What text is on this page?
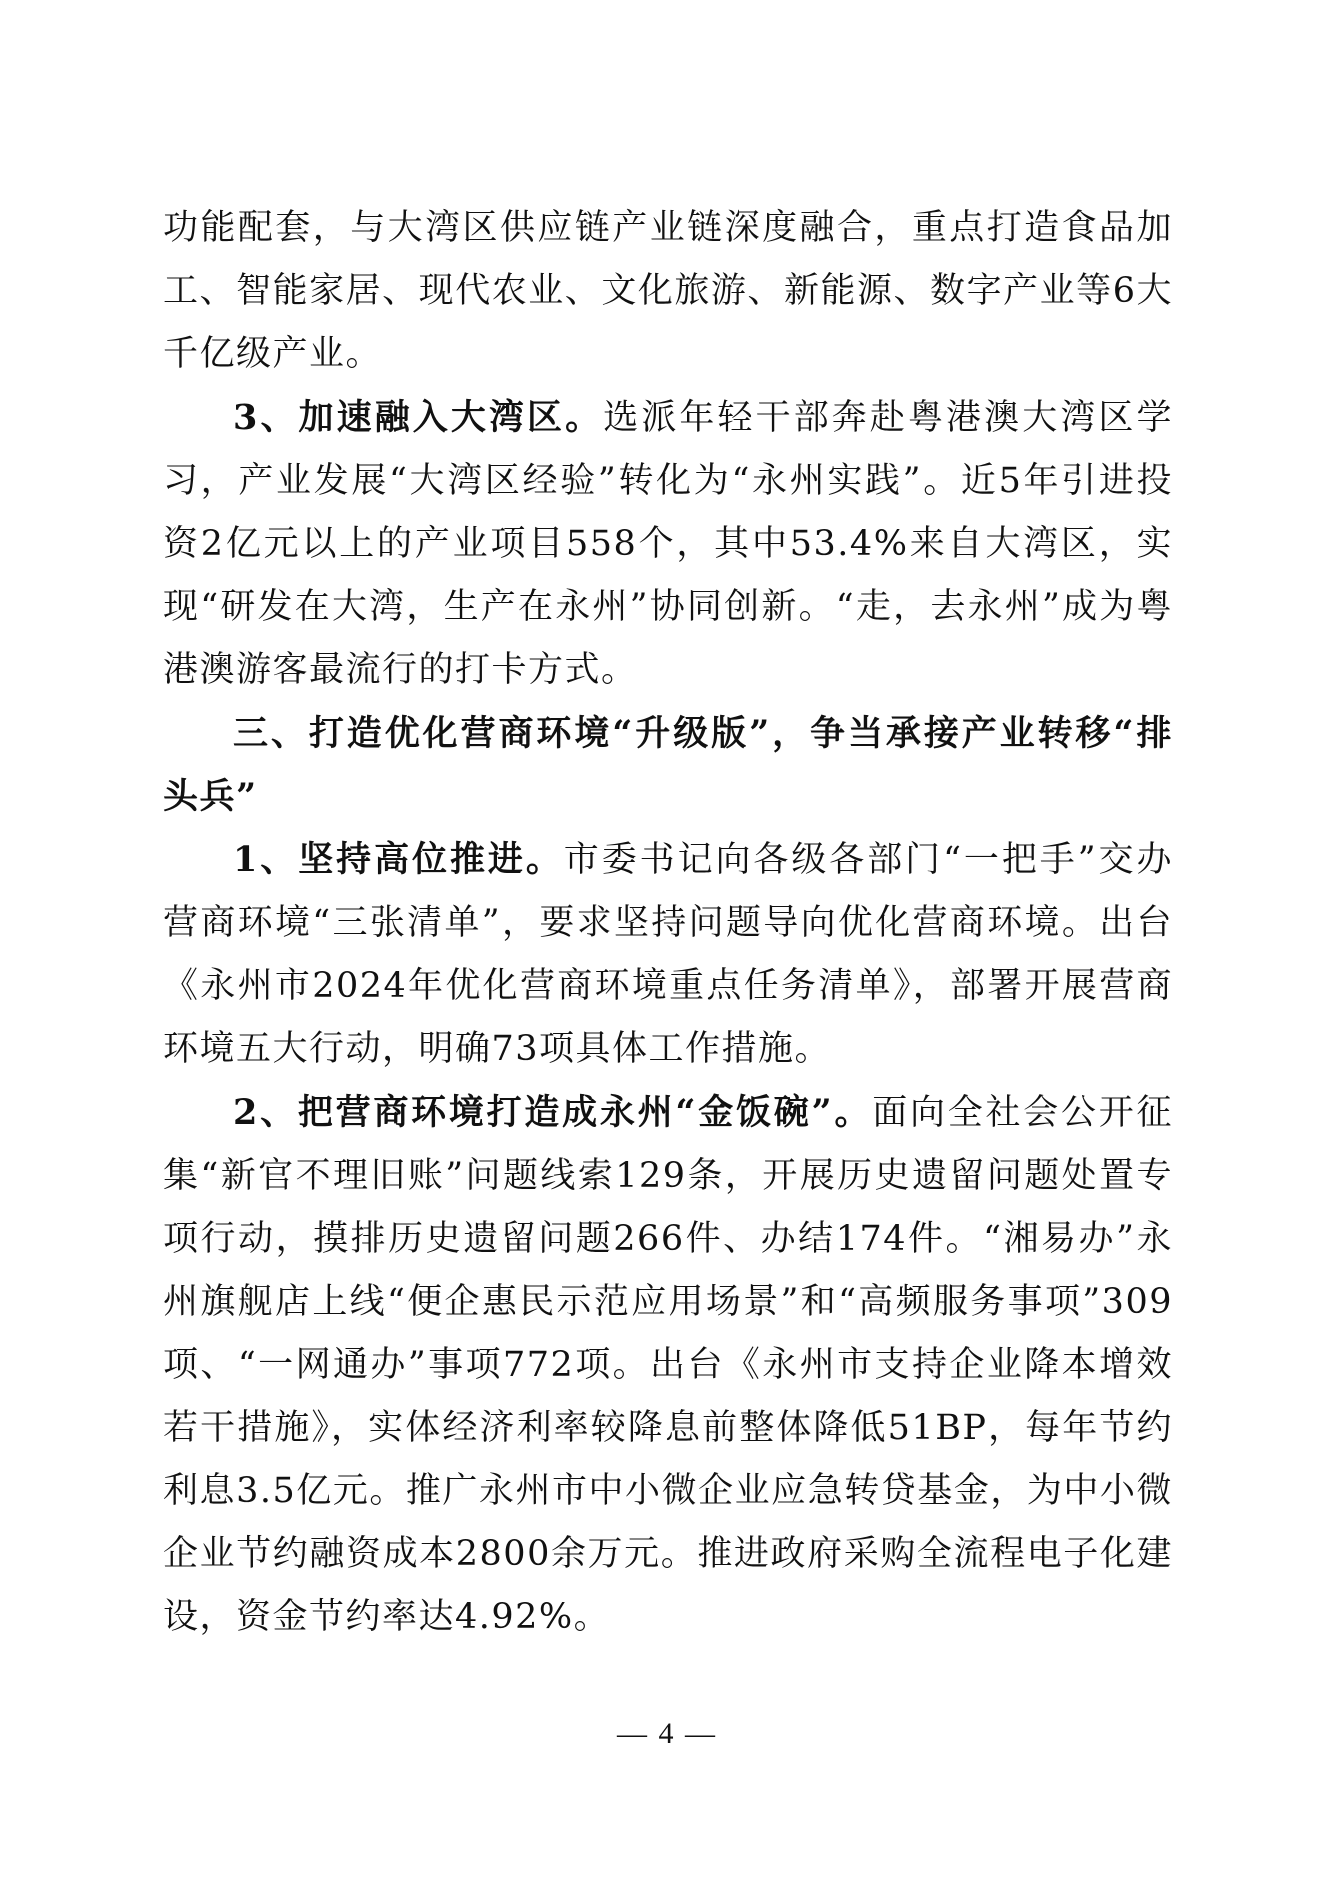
功能配套，与大湾区供应链产业链深度融合，重点打造食品加工、智能家居、现代农业、文化旅游、新能源、数字产业等6大千亿级产业。

3、加速融入大湾区。选派年轻干部奔赴粤港澳大湾区学习，产业发展“大湾区经验”转化为“永州实践”。近5年引进投资2亿元以上的产业项目558个，其中53.4%来自大湾区，实现“研发在大湾，生产在永州”协同创新。“走，去永州”成为粤港澳游客最流行的打卡方式。

三、打造优化营商环境“升级版”，争当承接产业转移“排头兵”

1、坚持高位推进。市委书记向各级各部门“一把手”交办营商环境“三张清单”，要求坚持问题导向优化营商环境。出台《永州市2024年优化营商环境重点任务清单》，部署开展营商环境五大行动，明确73项具体工作措施。

2、把营商环境打造成永州“金饭碗”。面向全社会公开征集“新官不理旧账”问题线索129条，开展历史遗留问题处置专项行动，摸排历史遗留问题266件、办结174件。“湘易办”永州旗舰店上线“便企惠民示范应用场景”和“高频服务事项”309项、“一网通办”事项772项。出台《永州市支持企业降本增效若干措施》，实体经济利率较降息前整体降低51BP，每年节约利息3.5亿元。推广永州市中小微企业应急转贷基金，为中小微企业节约融资成本2800余万元。推进政府采购全流程电子化建设，资金节约率达4.92%。

— 4 —
